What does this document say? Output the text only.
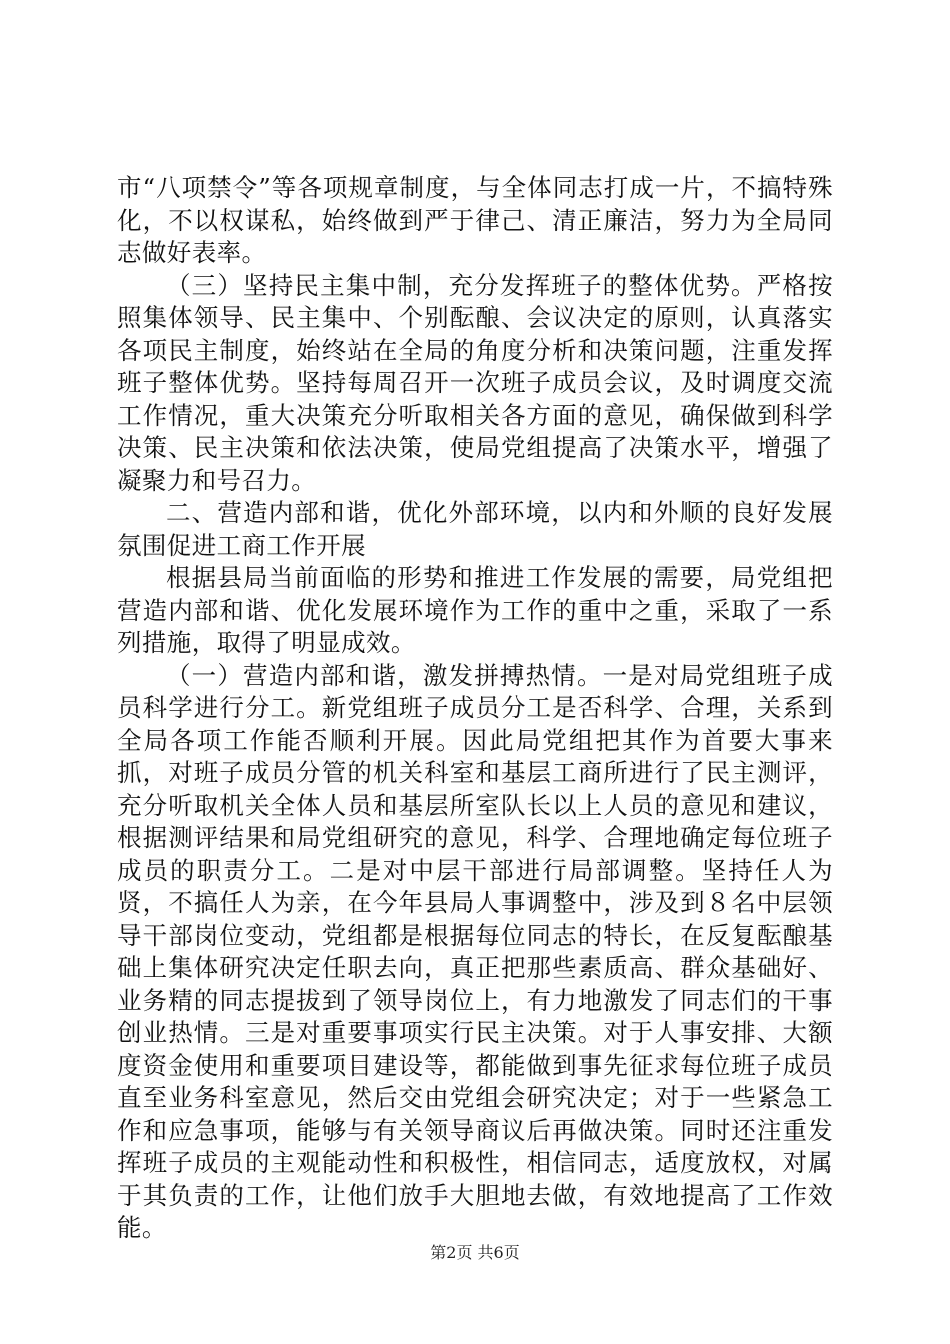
市“八项禁令”等各项规章制度，与全体同志打成一片，不搞特殊化，不以权谋私，始终做到严于律己、清正廉洁，努力为全局同志做好表率。

（三）坚持民主集中制，充分发挥班子的整体优势。严格按照集体领导、民主集中、个别酝酿、会议决定的原则，认真落实各项民主制度，始终站在全局的角度分析和决策问题，注重发挥班子整体优势。坚持每周召开一次班子成员会议，及时调度交流工作情况，重大决策充分听取相关各方面的意见，确保做到科学决策、民主决策和依法决策，使局党组提高了决策水平，增强了凝聚力和号召力。

二、营造内部和谐，优化外部环境，以内和外顺的良好发展氛围促进工商工作开展

根据县局当前面临的形势和推进工作发展的需要，局党组把营造内部和谐、优化发展环境作为工作的重中之重，采取了一系列措施，取得了明显成效。

（一）营造内部和谐，激发拼搏热情。一是对局党组班子成员科学进行分工。新党组班子成员分工是否科学、合理，关系到全局各项工作能否顺利开展。因此局党组把其作为首要大事来抓，对班子成员分管的机关科室和基层工商所进行了民主测评，充分听取机关全体人员和基层所室队长以上人员的意见和建议，根据测评结果和局党组研究的意见，科学、合理地确定每位班子成员的职责分工。二是对中层干部进行局部调整。坚持任人为贤，不搞任人为亲，在今年县局人事调整中，涉及到８名中层领导干部岗位变动，党组都是根据每位同志的特长，在反复酝酿基础上集体研究决定任职去向，真正把那些素质高、群众基础好、业务精的同志提拔到了领导岗位上，有力地激发了同志们的干事创业热情。三是对重要事项实行民主决策。对于人事安排、大额度资金使用和重要项目建设等，都能做到事先征求每位班子成员直至业务科室意见，然后交由党组会研究决定；对于一些紧急工作和应急事项，能够与有关领导商议后再做决策。同时还注重发挥班子成员的主观能动性和积极性，相信同志，适度放权，对属于其负责的工作，让他们放手大胆地去做，有效地提高了工作效能。

第2页 共6页
